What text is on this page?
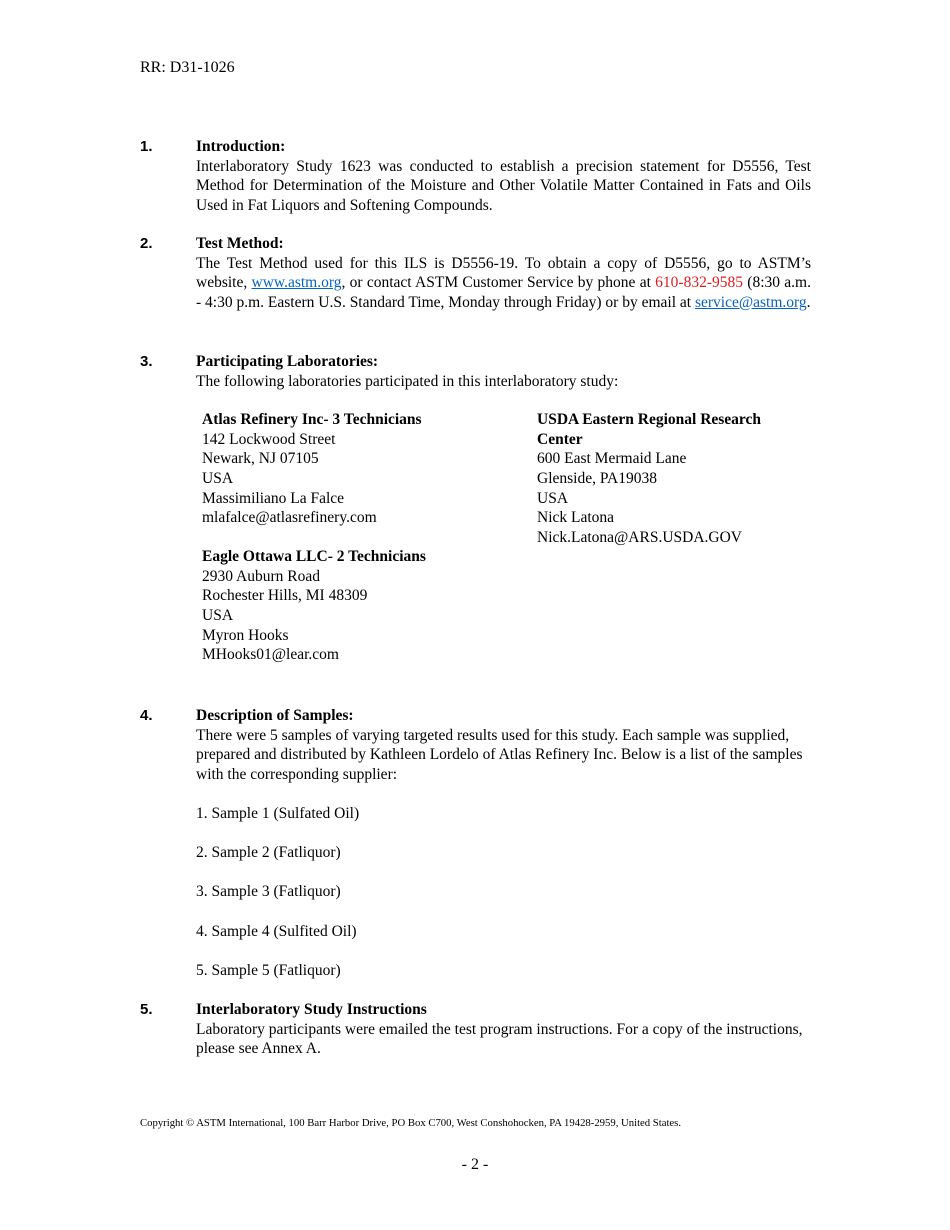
RR: D31-1026
1.	Introduction:
Interlaboratory Study 1623 was conducted to establish a precision statement for D5556, Test Method for Determination of the Moisture and Other Volatile Matter Contained in Fats and Oils Used in Fat Liquors and Softening Compounds.
2.	Test Method:
The Test Method used for this ILS is D5556-19. To obtain a copy of D5556, go to ASTM’s website, www.astm.org, or contact ASTM Customer Service by phone at 610-832-9585 (8:30 a.m. - 4:30 p.m. Eastern U.S. Standard Time, Monday through Friday) or by email at service@astm.org.
3.	Participating Laboratories:
The following laboratories participated in this interlaboratory study:
Atlas Refinery Inc- 3 Technicians
142 Lockwood Street
Newark, NJ 07105
USA
Massimiliano La Falce
mlafalce@atlasrefinery.com
USDA Eastern Regional Research Center
600 East Mermaid Lane
Glenside, PA19038
USA
Nick Latona
Nick.Latona@ARS.USDA.GOV
Eagle Ottawa LLC- 2 Technicians
2930 Auburn Road
Rochester Hills, MI 48309
USA
Myron Hooks
MHooks01@lear.com
4.	Description of Samples:
There were 5 samples of varying targeted results used for this study. Each sample was supplied, prepared and distributed by Kathleen Lordelo of Atlas Refinery Inc. Below is a list of the samples with the corresponding supplier:
1. Sample 1 (Sulfated Oil)
2. Sample 2 (Fatliquor)
3. Sample 3 (Fatliquor)
4. Sample 4 (Sulfited Oil)
5. Sample 5 (Fatliquor)
5.	Interlaboratory Study Instructions
Laboratory participants were emailed the test program instructions. For a copy of the instructions, please see Annex A.
Copyright © ASTM International, 100 Barr Harbor Drive, PO Box C700, West Conshohocken, PA 19428-2959, United States.
- 2 -
